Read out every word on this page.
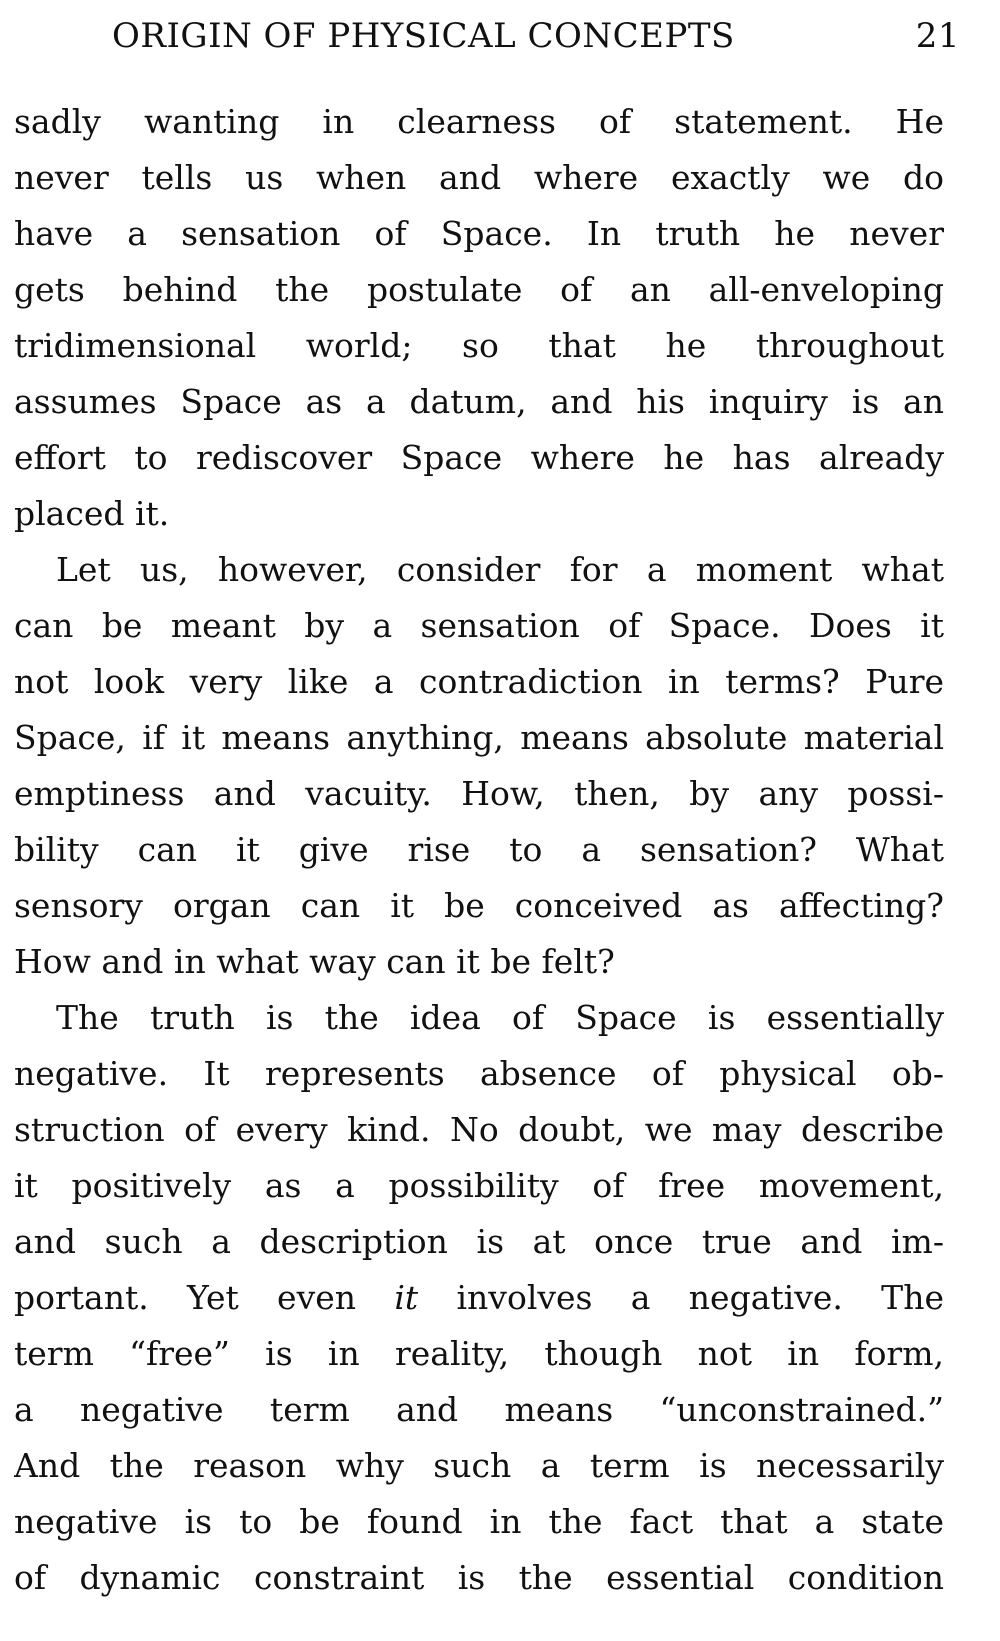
ORIGIN OF PHYSICAL CONCEPTS	21
sadly wanting in clearness of statement. He
never tells us when and where exactly we do
have a sensation of Space. In truth he never
gets behind the postulate of an all-enveloping
tridimensional world; so that he throughout
assumes Space as a datum, and his inquiry is an
effort to rediscover Space where he has already
placed it.
Let us, however, consider for a moment what
can be meant by a sensation of Space. Does it
not look very like a contradiction in terms? Pure
Space, if it means anything, means absolute material
emptiness and vacuity. How, then, by any possi-
bility can it give rise to a sensation? What
sensory organ can it be conceived as affecting?
How and in what way can it be felt?
The truth is the idea of Space is essentially
negative. It represents absence of physical ob-
struction of every kind. No doubt, we may describe
it positively as a possibility of free movement,
and such a description is at once true and im-
portant. Yet even it involves a negative. The
term “free” is in reality, though not in form,
a negative term and means “unconstrained.”
And the reason why such a term is necessarily
negative is to be found in the fact that a state
of dynamic constraint is the essential condition
